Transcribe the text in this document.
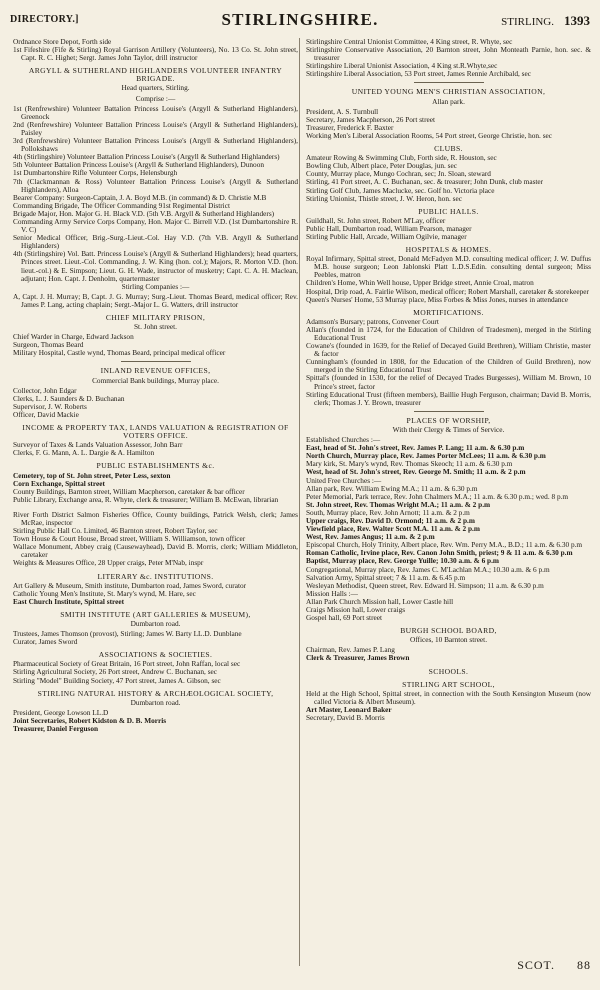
DIRECTORY.]	STIRLINGSHIRE.	STIRLING. 1393
Ordnance Store Depot, Forth side
1st Fifeshire (Fife & Stirling) Royal Garrison Artillery (Volunteers), No. 13 Co. St. John street, Capt. R. C. Highet; Sergt. James John Taylor, drill instructor
ARGYLL & SUTHERLAND HIGHLANDERS VOLUNTEER INFANTRY BRIGADE.
Head quarters, Stirling.
Comprise :—
1st (Renfrewshire) Volunteer Battalion Princess Louise's (Argyll & Sutherland Highlanders), Greenock
2nd (Renfrewshire) Volunteer Battalion Princess Louise's (Argyll & Sutherland Highlanders), Paisley
3rd (Renfrewshire) Volunteer Battalion Princess Louise's (Argyll & Sutherland Highlanders), Pollokshaws
4th (Stirlingshire) Volunteer Battalion Princess Louise's (Argyll & Sutherland Highlanders)
5th Volunteer Battalion Princess Louise's (Argyll & Sutherland Highlanders), Dunoon
1st Dumbartonshire Rifle Volunteer Corps, Helensburgh
7th (Clackmannan & Ross) Volunteer Battalion Princess Louise's (Argyll & Sutherland Highlanders), Alloa
Bearer Company: Surgeon-Captain, J. A. Boyd M.B. (in command) & D. Christie M.B
Commanding Brigade, The Officer Commanding 91st Regimental District
Brigade Major, Hon. Major G. H. Black V.D. (5th V.B. Argyll & Sutherland Highlanders)
Commanding Army Service Corps Company, Hon. Major C. Birrell V.D. (1st Dumbartonshire R. V. C)
Senior Medical Officer, Brig.-Surg.-Lieut.-Col. Hay V.D. (7th V.B. Argyll & Sutherland Highlanders)
4th (Stirlingshire) Vol. Batt. Princess Louise's (Argyll & Sutherland Highlanders); head quarters, Princes street. Lieut.-Col. Commanding, J. W. King (hon. col.); Majors, R. Morton V.D. (hon. lieut.-col.) & E. Simpson; Lieut. G. H. Wade, instructor of musketry; Capt. C. A. H. Maclean, adjutant; Hon. Capt. J. Denholm, quartermaster
Stirling Companies :—
A, Capt. J. H. Murray; B, Capt. J. G. Murray; Surg.-Lieut. Thomas Beard, medical officer; Rev. James P. Lang, acting chaplain; Sergt.-Major L. G. Watters, drill instructor
CHIEF MILITARY PRISON,
St. John street.
Chief Warder in Charge, Edward Jackson
Surgeon, Thomas Beard
Military Hospital, Castle wynd, Thomas Beard, principal medical officer
INLAND REVENUE OFFICES,
Commercial Bank buildings, Murray place.
Collector, John Edgar
Clerks, L. J. Saunders & D. Buchanan
Supervisor, J. W. Roberts
Officer, David Mackie
INCOME & PROPERTY TAX, LANDS VALUATION & REGISTRATION OF VOTERS OFFICE.
Surveyor of Taxes & Lands Valuation Assessor, John Barr
Clerks, F. G. Mann, A. L. Dargie & A. Hamilton
PUBLIC ESTABLISHMENTS &c.
Cemetery, top of St. John street, Peter Less, sexton
Corn Exchange, Spittal street
County Buildings, Barnton street, William Macpherson, caretaker & bar officer
Public Library, Exchange area, R. Whyte, clerk & treasurer; William B. McEwan, librarian
River Forth District Salmon Fisheries Office, County buildings, Patrick Welsh, clerk; James McRae, inspector
Stirling Public Hall Co. Limited, 46 Barnton street, Robert Taylor, sec
Town House & Court House, Broad street, William S. Williamson, town officer
Wallace Monument, Abbey craig (Causewayhead), David B. Morris, clerk; William Middleton, caretaker
Weights & Measures Office, 28 Upper craigs, Peter M'Nab, inspr
LITERARY &c. INSTITUTIONS.
Art Gallery & Museum, Smith institute, Dumbarton road, James Sword, curator
Catholic Young Men's Institute, St. Mary's wynd, M. Hare, sec
East Church Institute, Spittal street
SMITH INSTITUTE (ART GALLERIES & MUSEUM),
Dumbarton road.
Trustees, James Thomson (provost), Stirling; James W. Barty LL.D. Dunblane
Curator, James Sword
ASSOCIATIONS & SOCIETIES.
Pharmaceutical Society of Great Britain, 16 Port street, John Raffan, local sec
Stirling Agricultural Society, 26 Port street, Andrew C. Buchanan, sec
Stirling "Model" Building Society, 47 Port street, James A. Gibson, sec
STIRLING NATURAL HISTORY & ARCHÆOLOGICAL SOCIETY,
Dumbarton road.
President, George Lowson LL.D
Joint Secretaries, Robert Kidston & D. B. Morris
Treasurer, Daniel Ferguson
Stirlingshire Central Unionist Committee, 4 King street, R. Whyte, sec
Stirlingshire Conservative Association, 20 Barnton street, John Monteath Parnie, hon. sec. & treasurer
Stirlingshire Liberal Unionist Association, 4 King st.R.Whyte,sec
Stirlingshire Liberal Association, 53 Port street, James Rennie Archibald, sec
UNITED YOUNG MEN'S CHRISTIAN ASSOCIATION,
Allan park.
President, A. S. Turnbull
Secretary, James Macpherson, 26 Port street
Treasurer, Frederick F. Baxter
Working Men's Liberal Association Rooms, 54 Port street, George Christie, hon. sec
CLUBS.
Amateur Rowing & Swimming Club, Forth side, R. Houston, sec
Bowling Club, Albert place, Peter Douglas, jun. sec
County, Murray place, Mungo Cochran, sec; Jn. Sloan, steward
Stirling, 41 Port street, A. C. Buchanan, sec. & treasurer; John Dunk, club master
Stirling Golf Club, James Maclucke, sec. Golf ho. Victoria place
Stirling Unionist, Thistle street, J. W. Heron, hon. sec
PUBLIC HALLS.
Guildhall, St. John street, Robert M'Lay, officer
Public Hall, Dumbarton road, William Pearson, manager
Stirling Public Hall, Arcade, William Ogilvie, manager
HOSPITALS & HOMES.
Royal Infirmary, Spittal street, Donald McFadyen M.D. consulting medical officer; J. W. Duffus M.B. house surgeon; Leon Jablonski Platt L.D.S.Edin. consulting dental surgeon; Miss Peebles, matron
Children's Home, Whin Well house, Upper Bridge street, Annie Croal, matron
Hospital, Drip road, A. Fairlie Wilson, medical officer; Robert Marshall, caretaker & storekeeper
Queen's Nurses' Home, 53 Murray place, Miss Forbes & Miss Jones, nurses in attendance
MORTIFICATIONS.
Adamson's Bursary; patrons, Convener Court
Allan's (founded in 1724, for the Education of Children of Tradesmen), merged in the Stirling Educational Trust
Cowane's (founded in 1639, for the Relief of Decayed Guild Brethren), William Christie, master & factor
Cunningham's (founded in 1808, for the Education of the Children of Guild Brethren), now merged in the Stirling Educational Trust
Spittal's (founded in 1530, for the relief of Decayed Trades Burgesses), William M. Brown, 10 Prince's street, factor
Stirling Educational Trust (fifteen members), Baillie Hugh Ferguson, chairman; David B. Morris, clerk; Thomas J. Y. Brown, treasurer
PLACES OF WORSHIP,
With their Clergy & Times of Service.
Established Churches :—
East, head of St. John's street, Rev. James P. Lang; 11 a.m. & 6.30 p.m
North Church, Murray place, Rev. James Porter McLees; 11 a.m. & 6.30 p.m
Mary kirk, St. Mary's wynd, Rev. Thomas Skeoch; 11 a.m. & 6.30 p.m
West, head of St. John's street, Rev. George M. Smith; 11 a.m. & 2 p.m
United Free Churches :—
Allan park, Rev. William Ewing M.A.; 11 a.m. & 6.30 p.m
Peter Memorial, Park terrace, Rev. John Chalmers M.A.; 11 a.m. & 6.30 p.m.; wed. 8 p.m
St. John street, Rev. Thomas Wright M.A.; 11 a.m. & 2 p.m
South, Murray place, Rev. John Arnott; 11 a.m. & 2 p.m
Upper craigs, Rev. David D. Ormond; 11 a.m. & 2 p.m
Viewfield place, Rev. Walter Scott M.A. 11 a.m. & 2 p.m
West, Rev. James Angus; 11 a.m. & 2 p.m
Episcopal Church, Holy Trinity, Albert place, Rev. Wm. Perry M.A., B.D.; 11 a.m. & 6.30 p.m
Roman Catholic, Irvine place, Rev. Canon John Smith, priest; 9 & 11 a.m. & 6.30 p.m
Baptist, Murray place, Rev. George Yuille; 10.30 a.m. & 6 p.m
Congregational, Murray place, Rev. James C. M'Lachlan M.A.; 10.30 a.m. & 6 p.m
Salvation Army, Spittal street; 7 & 11 a.m. & 6.45 p.m
Wesleyan Methodist, Queen street, Rev. Edward H. Simpson; 11 a.m. & 6.30 p.m
Mission Halls :—
Allan Park Church Mission hall, Lower Castle hill
Craigs Mission hall, Lower craigs
Gospel hall, 69 Port street
BURGH SCHOOL BOARD,
Offices, 10 Barnton street.
Chairman, Rev. James P. Lang
Clerk & Treasurer, James Brown
SCHOOLS.
STIRLING ART SCHOOL,
Held at the High School, Spittal street, in connection with the South Kensington Museum (now called Victoria & Albert Museum).
Art Master, Leonard Baker
Secretary, David B. Morris
SCOT. 88
